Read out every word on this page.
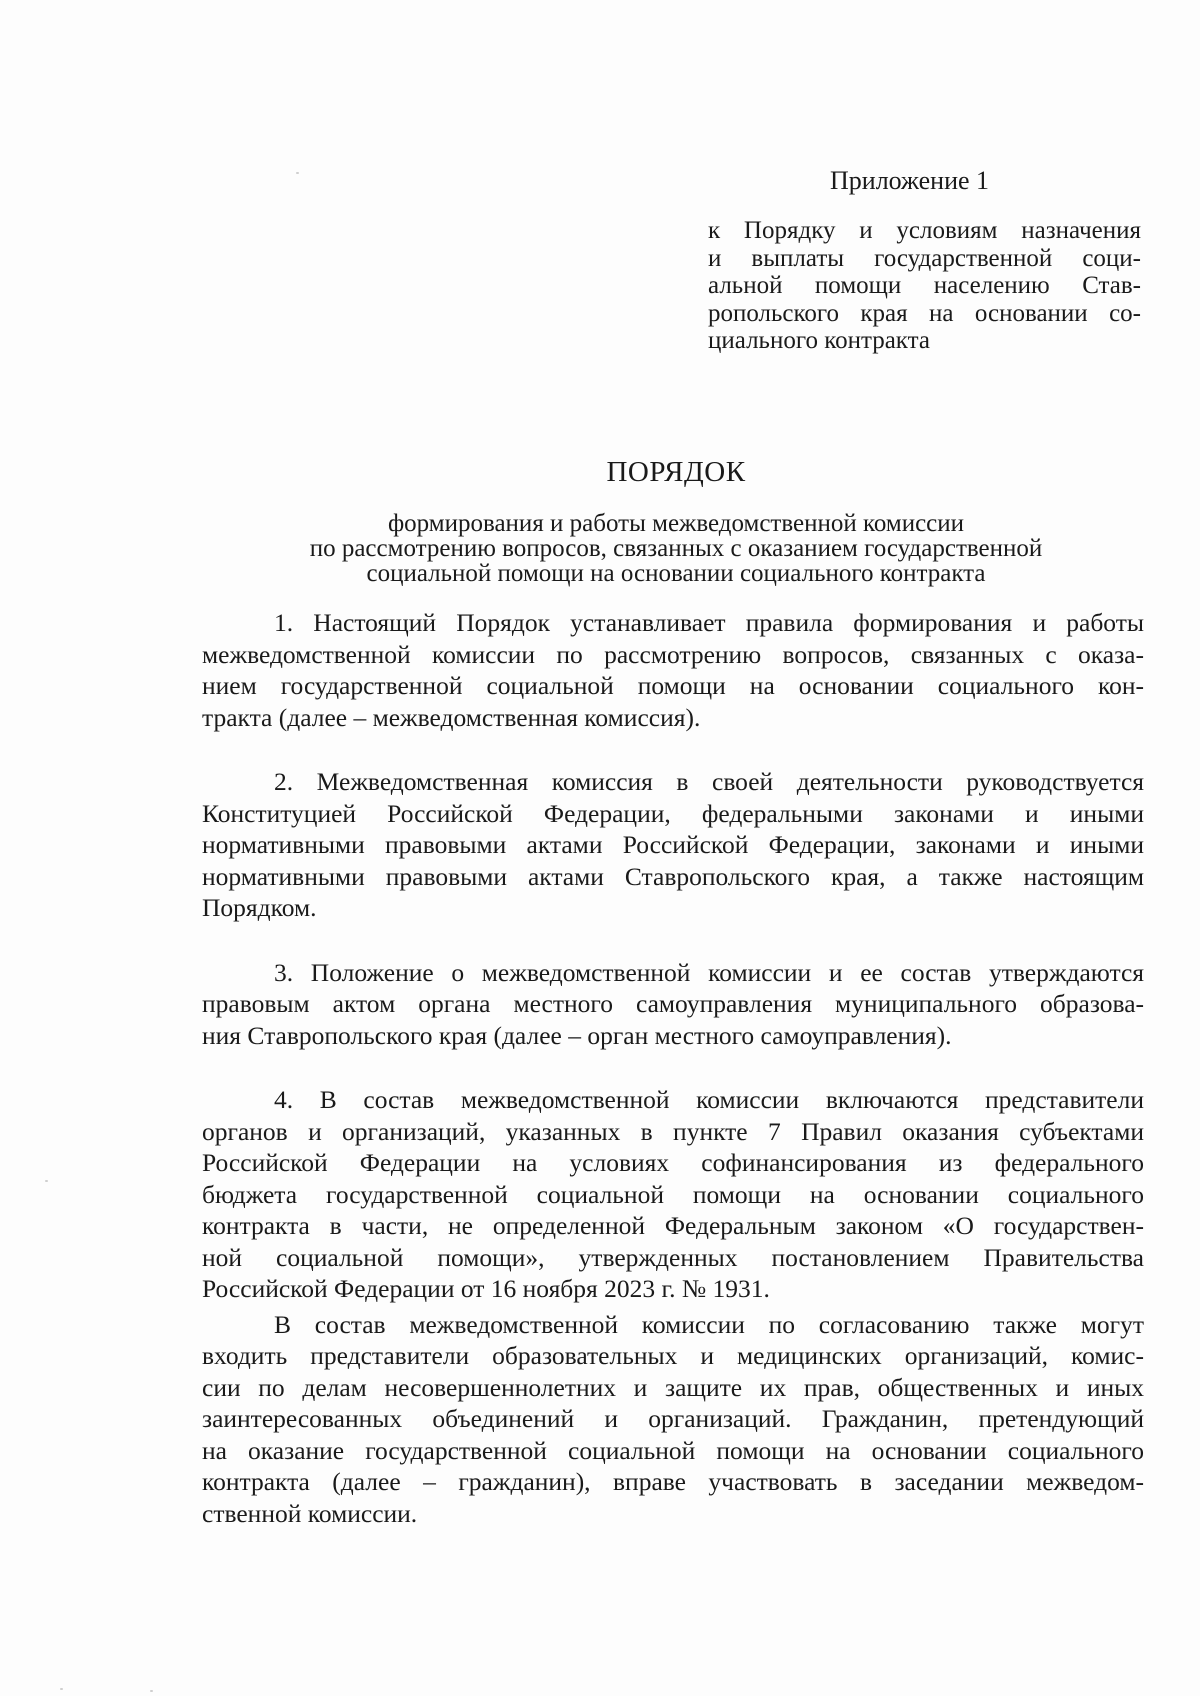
Приложение 1
к Порядку и условиям назначения
и выплаты государственной соци-
альной помощи населению Став-
ропольского края на основании со-
циального контракта
ПОРЯДОК
формирования и работы межведомственной комиссии
по рассмотрению вопросов, связанных с оказанием государственной
социальной помощи на основании социального контракта
1. Настоящий Порядок устанавливает правила формирования и работы
межведомственной комиссии по рассмотрению вопросов, связанных с оказа-
нием государственной социальной помощи на основании социального кон-
тракта (далее – межведомственная комиссия).
2. Межведомственная комиссия в своей деятельности руководствуется
Конституцией Российской Федерации, федеральными законами и иными
нормативными правовыми актами Российской Федерации, законами и иными
нормативными правовыми актами Ставропольского края, а также настоящим
Порядком.
3. Положение о межведомственной комиссии и ее состав утверждаются
правовым актом органа местного самоуправления муниципального образова-
ния Ставропольского края (далее – орган местного самоуправления).
4. В состав межведомственной комиссии включаются представители
органов и организаций, указанных в пункте 7 Правил оказания субъектами
Российской Федерации на условиях софинансирования из федерального
бюджета государственной социальной помощи на основании социального
контракта в части, не определенной Федеральным законом «О государствен-
ной социальной помощи», утвержденных постановлением Правительства
Российской Федерации от 16 ноября 2023 г. № 1931.
В состав межведомственной комиссии по согласованию также могут
входить представители образовательных и медицинских организаций, комис-
сии по делам несовершеннолетних и защите их прав, общественных и иных
заинтересованных объединений и организаций. Гражданин, претендующий
на оказание государственной социальной помощи на основании социального
контракта (далее – гражданин), вправе участвовать в заседании межведом-
ственной комиссии.
